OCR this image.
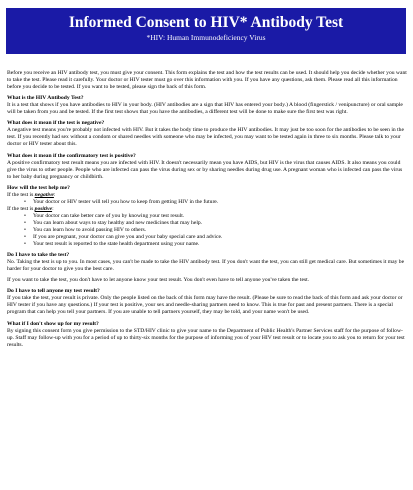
Informed Consent to HIV* Antibody Test
*HIV: Human Immunodeficiency Virus

Before you receive an HIV antibody test, you must give your consent. This form explains the test and how the test results can be used. It should help you decide whether you want to take the test. Please read it carefully. Your doctor or HIV tester must go over this information with you. If you have any questions, ask them. Please read all this information before you decide to be tested. If you want to be tested, please sign the back of this form.

What is the HIV Antibody Test?

It is a test that shows if you have antibodies to HIV in your body. (HIV antibodies are a sign that HIV has entered your body.) A blood (fingerstick / venipuncture) or oral sample will be taken from you and be tested. If the first test shows that you have the antibodies, a different test will be done to make sure the first test was right.

What does it mean if the test is negative?

A negative test means you're probably not infected with HIV. But it takes the body time to produce the HIV antibodies. It may just be too soon for the antibodies to be seen in the test. If you recently had sex without a condom or shared needles with someone who may be infected, you may want to be tested again in three to six months. Please talk to your doctor or HIV tester about this.

What does it mean if the confirmatory test is positive?

A positive confirmatory test result means you are infected with HIV. It doesn't necessarily mean you have AIDS, but HIV is the virus that causes AIDS. It also means you could give the virus to other people. People who are infected can pass the virus during sex or by sharing needles during drug use. A pregnant woman who is infected can pass the virus to her baby during pregnancy or childbirth.

How will the test help me?
If the test is negative:
• Your doctor or HIV tester will tell you how to keep from getting HIV in the future.
If the test is positive:
• Your doctor can take better care of you by knowing your test result.
• You can learn about ways to stay healthy and new medicines that may help.
• You can learn how to avoid passing HIV to others.
• If you are pregnant, your doctor can give you and your baby special care and advice.
• Your test result is reported to the state health department using your name.
Do I have to take the test?

No. Taking the test is up to you. In most cases, you can't be made to take the HIV antibody test. If you don't want the test, you can still get medical care. But sometimes it may be harder for your doctor to give you the best care.

If you want to take the test, you don't have to let anyone know your test result. You don't even have to tell anyone you've taken the test.

Do I have to tell anyone my test result?

If you take the test, your result is private. Only the people listed on the back of this form may have the result. (Please be sure to read the back of this form and ask your doctor or HIV tester if you have any questions.) If your test is positive, your sex and needle-sharing partners need to know. This is true for past and present partners. There is a special program that can help you tell your partners. If you are unable to tell partners yourself, they may be told, and your name won't be used.

What if I don't show up for my result?

By signing this consent form you give permission to the STD/HIV clinic to give your name to the Department of Public Health's Partner Services staff for the purpose of follow-up. Staff may follow-up with you for a period of up to thirty-six months for the purpose of informing you of your HIV test result or to locate you to ask you to return for your test results.
